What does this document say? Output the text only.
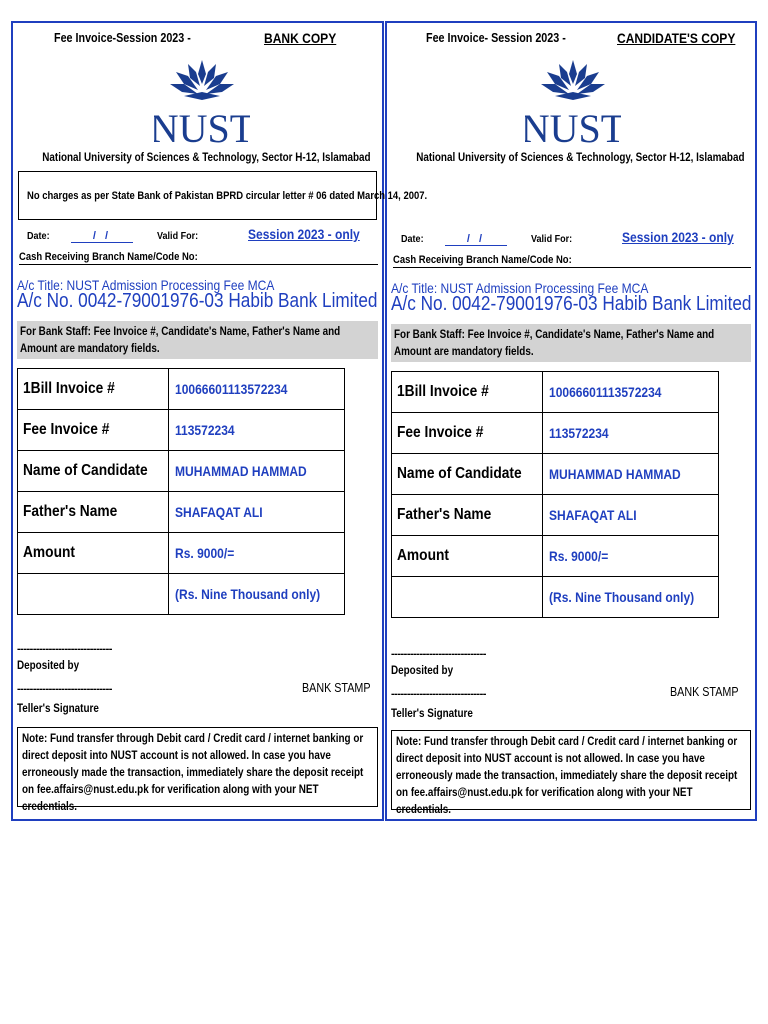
Fee Invoice-Session 2023 -	BANK COPY
NUST
National University of Sciences & Technology, Sector H-12, Islamabad
No charges as per State Bank of Pakistan BPRD circular letter # 06 dated March 14, 2007.
Date:	/ /	Valid For:	Session 2023 - only
Cash Receiving Branch Name/Code No:
A/c Title: NUST Admission Processing Fee MCA
A/c No. 0042-79001976-03 Habib Bank Limited
For Bank Staff: Fee Invoice #, Candidate's Name, Father's Name and Amount are mandatory fields.
1Bill Invoice #	10066601113572234
Fee Invoice #	113572234
Name of Candidate	MUHAMMAD HAMMAD
Father's Name	SHAFAQAT ALI
Amount	Rs. 9000/=
	(Rs. Nine Thousand only)
------------------------------
Deposited by
------------------------------	BANK STAMP
Teller's Signature
Note: Fund transfer through Debit card / Credit card / internet banking or direct deposit into NUST account is not allowed. In case you have erroneously made the transaction, immediately share the deposit receipt on fee.affairs@nust.edu.pk for verification along with your NET credentials.
Fee Invoice- Session 2023 -	CANDIDATE'S COPY
NUST
National University of Sciences & Technology, Sector H-12, Islamabad
Date:	/ /	Valid For:	Session 2023 - only
Cash Receiving Branch Name/Code No:
A/c Title: NUST Admission Processing Fee MCA
A/c No. 0042-79001976-03 Habib Bank Limited
For Bank Staff: Fee Invoice #, Candidate's Name, Father's Name and Amount are mandatory fields.
1Bill Invoice #	10066601113572234
Fee Invoice #	113572234
Name of Candidate	MUHAMMAD HAMMAD
Father's Name	SHAFAQAT ALI
Amount	Rs. 9000/=
	(Rs. Nine Thousand only)
------------------------------
Deposited by
------------------------------	BANK STAMP
Teller's Signature
Note: Fund transfer through Debit card / Credit card / internet banking or direct deposit into NUST account is not allowed. In case you have erroneously made the transaction, immediately share the deposit receipt on fee.affairs@nust.edu.pk for verification along with your NET credentials.
